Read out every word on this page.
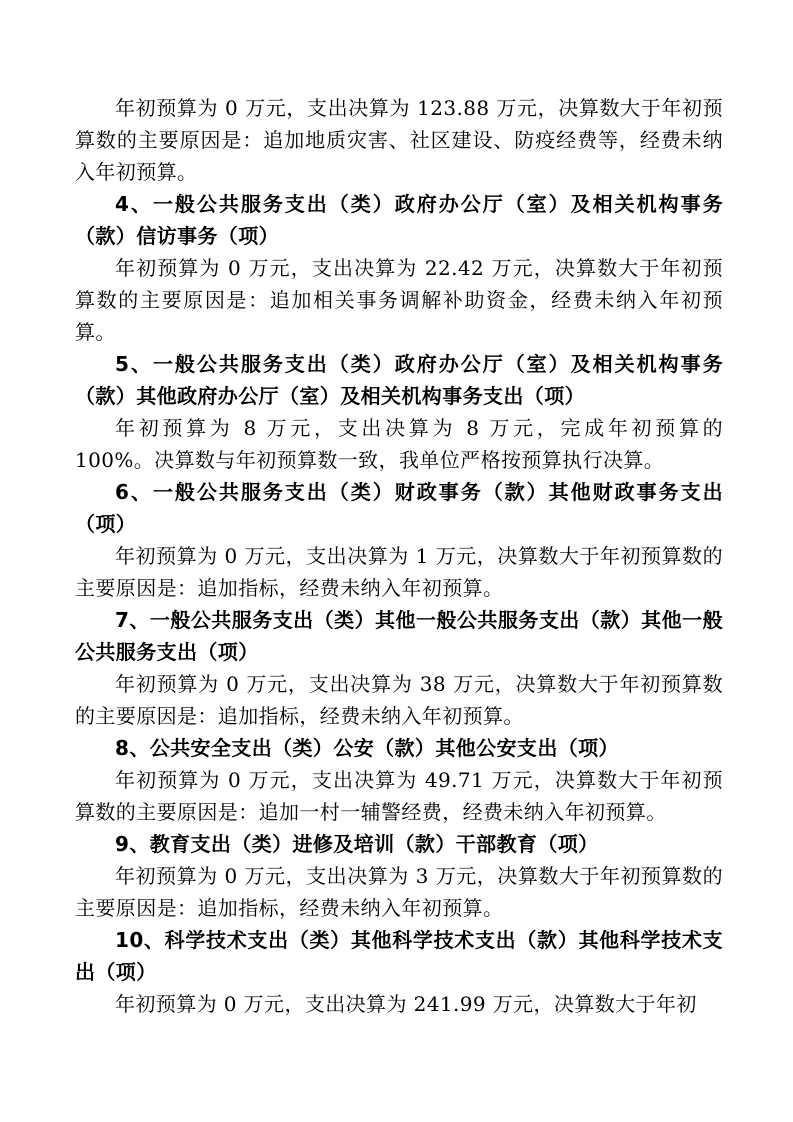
年初预算为 0 万元，支出决算为 123.88 万元，决算数大于年初预算数的主要原因是：追加地质灾害、社区建设、防疫经费等，经费未纳入年初预算。

4、一般公共服务支出（类）政府办公厅（室）及相关机构事务（款）信访事务（项）

年初预算为 0 万元，支出决算为 22.42 万元，决算数大于年初预算数的主要原因是：追加相关事务调解补助资金，经费未纳入年初预算。

5、一般公共服务支出（类）政府办公厅（室）及相关机构事务（款）其他政府办公厅（室）及相关机构事务支出（项）

年初预算为 8 万元，支出决算为 8 万元，完成年初预算的 100%。决算数与年初预算数一致，我单位严格按预算执行决算。

6、一般公共服务支出（类）财政事务（款）其他财政事务支出（项）

年初预算为 0 万元，支出决算为 1 万元，决算数大于年初预算数的主要原因是：追加指标，经费未纳入年初预算。

7、一般公共服务支出（类）其他一般公共服务支出（款）其他一般公共服务支出（项）

年初预算为 0 万元，支出决算为 38 万元，决算数大于年初预算数的主要原因是：追加指标，经费未纳入年初预算。

8、公共安全支出（类）公安（款）其他公安支出（项）

年初预算为 0 万元，支出决算为 49.71 万元，决算数大于年初预算数的主要原因是：追加一村一辅警经费，经费未纳入年初预算。

9、教育支出（类）进修及培训（款）干部教育（项）

年初预算为 0 万元，支出决算为 3 万元，决算数大于年初预算数的主要原因是：追加指标，经费未纳入年初预算。

10、科学技术支出（类）其他科学技术支出（款）其他科学技术支出（项）

年初预算为 0 万元，支出决算为 241.99 万元，决算数大于年初
